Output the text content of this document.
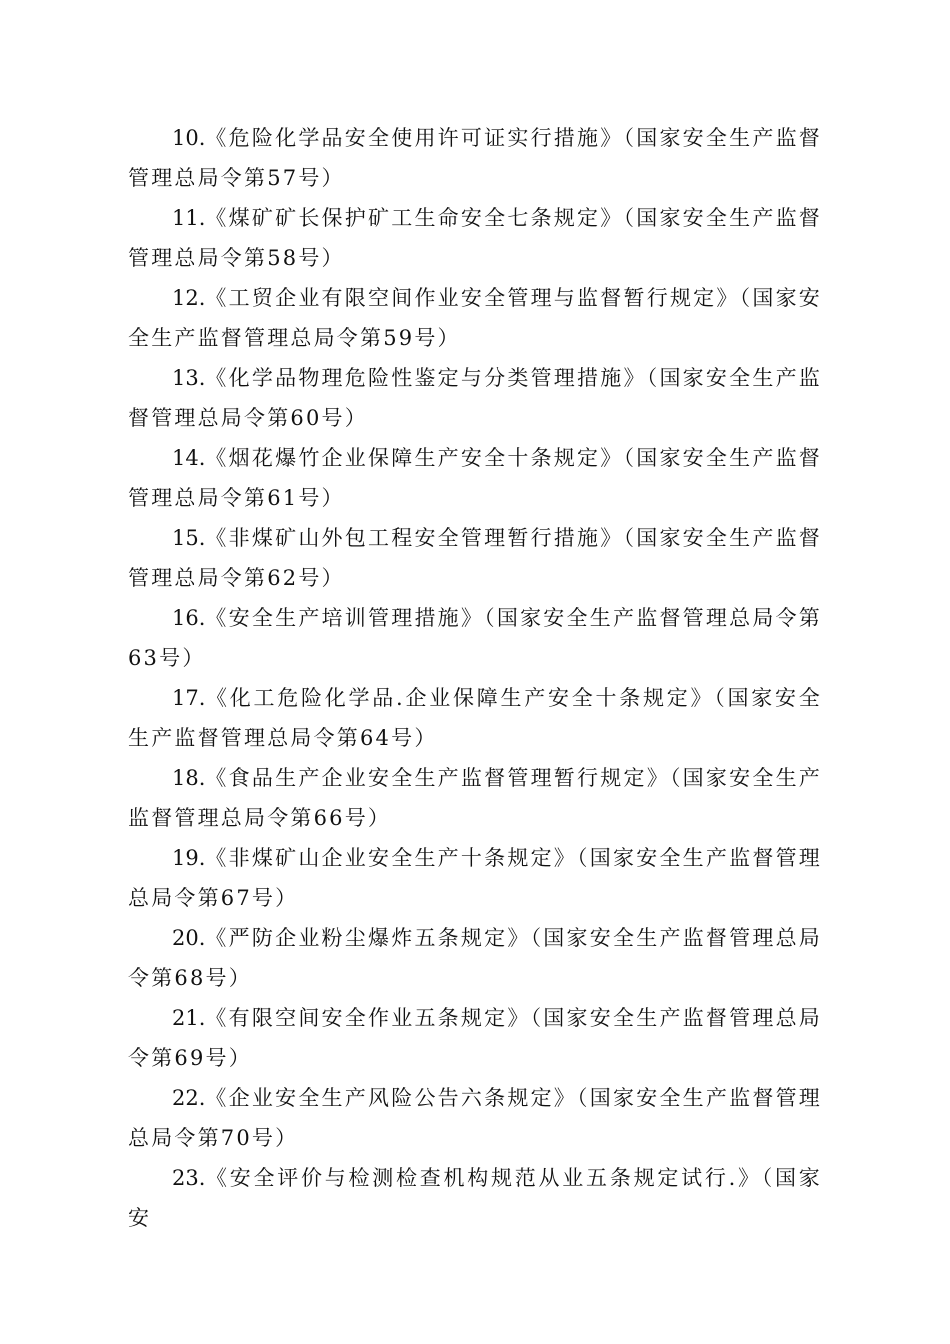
10.《危险化学品安全使用许可证实行措施》（国家安全生产监督管理总局令第57号）

11.《煤矿矿长保护矿工生命安全七条规定》（国家安全生产监督管理总局令第58号）

12.《工贸企业有限空间作业安全管理与监督暂行规定》（国家安全生产监督管理总局令第59号）

13.《化学品物理危险性鉴定与分类管理措施》（国家安全生产监督管理总局令第60号）

14.《烟花爆竹企业保障生产安全十条规定》（国家安全生产监督管理总局令第61号）

15.《非煤矿山外包工程安全管理暂行措施》（国家安全生产监督管理总局令第62号）

16.《安全生产培训管理措施》（国家安全生产监督管理总局令第63号）

17.《化工危险化学品.企业保障生产安全十条规定》（国家安全生产监督管理总局令第64号）

18.《食品生产企业安全生产监督管理暂行规定》（国家安全生产监督管理总局令第66号）

19.《非煤矿山企业安全生产十条规定》（国家安全生产监督管理总局令第67号）

20.《严防企业粉尘爆炸五条规定》（国家安全生产监督管理总局令第68号）

21.《有限空间安全作业五条规定》（国家安全生产监督管理总局令第69号）

22.《企业安全生产风险公告六条规定》（国家安全生产监督管理总局令第70号）

23.《安全评价与检测检查机构规范从业五条规定试行.》（国家安
